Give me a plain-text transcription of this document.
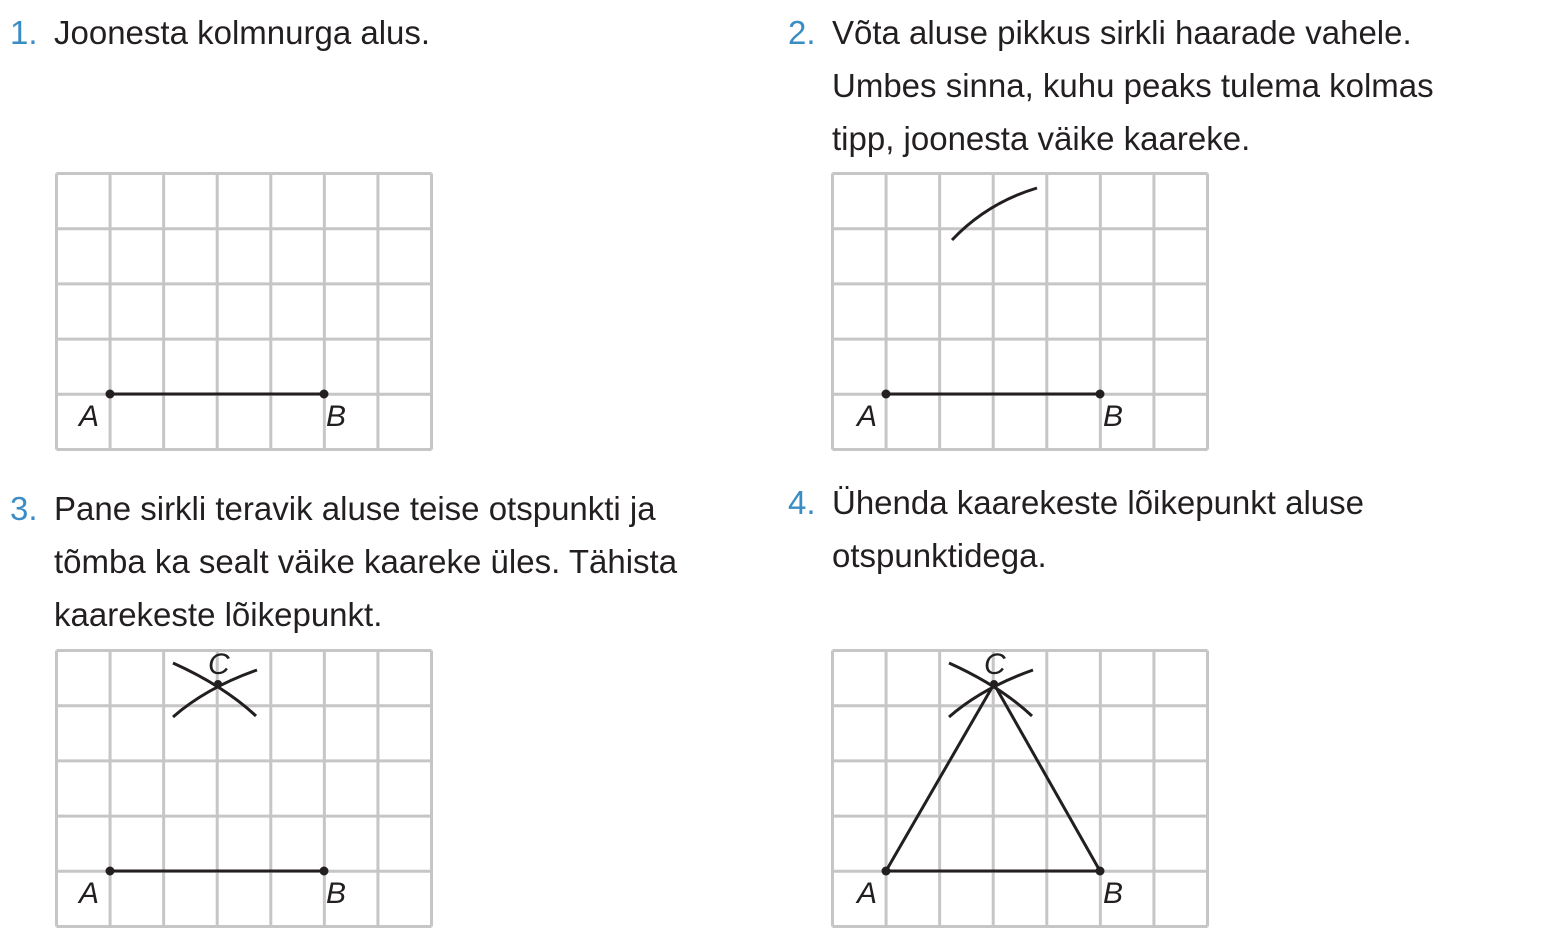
1. Joonesta kolmnurga alus.	2. Võta aluse pikkus sirkli haarade vahele.
Umbes sinna, kuhu peaks tulema kolmas
tipp, joonesta väike kaareke.
3. Pane sirkli teravik aluse teise otspunkti ja
tõmba ka sealt väike kaareke üles. Tähista
kaarekeste lõikepunkt.
4. Ühenda kaarekeste lõikepunkt aluse
otspunktidega.
A	B	A	B
C
A	B
C
A	B
